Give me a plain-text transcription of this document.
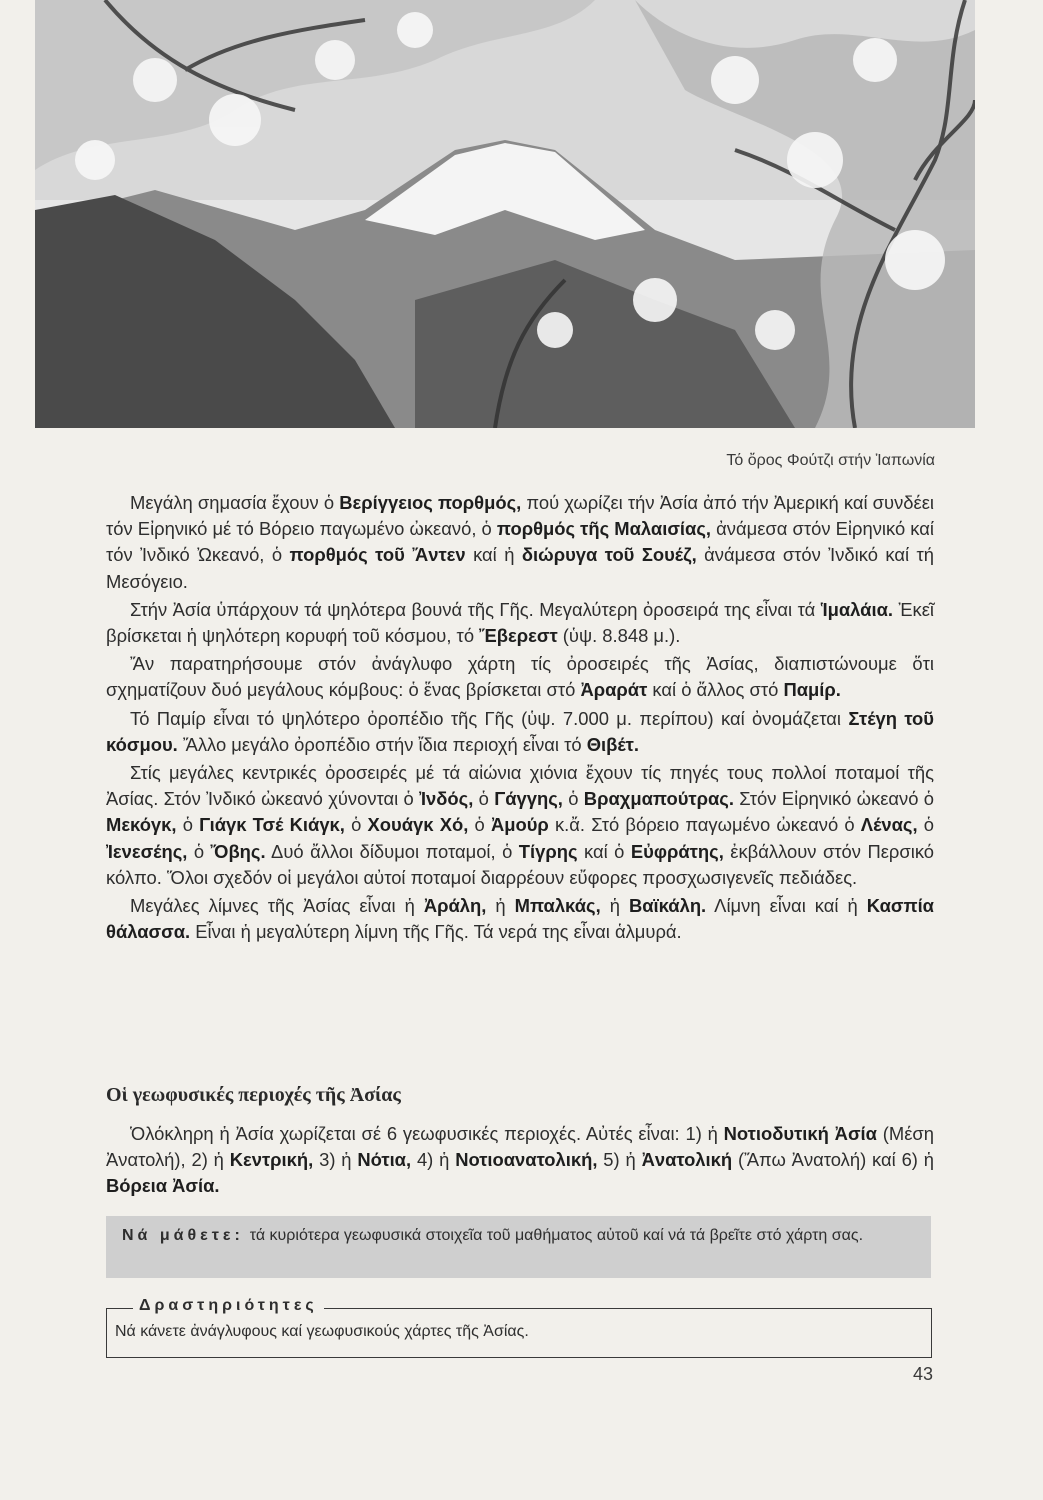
Τό ὄρος Φούτζι στήν Ἰαπωνία

Μεγάλη σημασία ἔχουν ὁ Βερίγγειος πορθμός, πού χωρίζει τήν Ἀσία ἀπό τήν Ἀμερική καί συνδέει τόν Εἰρηνικό μέ τό Βόρειο παγωμένο ὠκεανό, ὁ πορθμός τῆς Μαλαισίας, ἀνάμεσα στόν Εἰρηνικό καί τόν Ἰνδικό Ὠκεανό, ὁ πορθμός τοῦ Ἄντεν καί ἡ διώρυγα τοῦ Σουέζ, ἀνάμεσα στόν Ἰνδικό καί τή Μεσόγειο.

Στήν Ἀσία ὑπάρχουν τά ψηλότερα βουνά τῆς Γῆς. Μεγαλύτερη ὀροσειρά της εἶναι τά Ἱμαλάια. Ἐκεῖ βρίσκεται ἡ ψηλότερη κορυφή τοῦ κόσμου, τό Ἔβερεστ (ὑψ. 8.848 μ.).

Ἄν παρατηρήσουμε στόν ἀνάγλυφο χάρτη τίς ὀροσειρές τῆς Ἀσίας, διαπιστώνουμε ὅτι σχηματίζουν δυό μεγάλους κόμβους: ὁ ἕνας βρίσκεται στό Ἀραράτ καί ὁ ἄλλος στό Παμίρ.

Τό Παμίρ εἶναι τό ψηλότερο ὀροπέδιο τῆς Γῆς (ὑψ. 7.000 μ. περίπου) καί ὀνομάζεται Στέγη τοῦ κόσμου. Ἄλλο μεγάλο ὀροπέδιο στήν ἴδια περιοχή εἶναι τό Θιβέτ.

Στίς μεγάλες κεντρικές ὀροσειρές μέ τά αἰώνια χιόνια ἔχουν τίς πηγές τους πολλοί ποταμοί τῆς Ἀσίας. Στόν Ἰνδικό ὠκεανό χύνονται ὁ Ἰνδός, ὁ Γάγγης, ὁ Βραχμαπούτρας. Στόν Εἰρηνικό ὠκεανό ὁ Μεκόγκ, ὁ Γιάγκ Τσέ Κιάγκ, ὁ Χουάγκ Χό, ὁ Ἀμούρ κ.ἄ. Στό βόρειο παγωμένο ὠκεανό ὁ Λένας, ὁ Ἰενεσέης, ὁ Ὄβης. Δυό ἄλλοι δίδυμοι ποταμοί, ὁ Τίγρης καί ὁ Εὐφράτης, ἐκβάλλουν στόν Περσικό κόλπο. Ὅλοι σχεδόν οἱ μεγάλοι αὐτοί ποταμοί διαρρέουν εὔφορες προσχωσιγενεῖς πεδιάδες.

Μεγάλες λίμνες τῆς Ἀσίας εἶναι ἡ Ἀράλη, ἡ Μπαλκάς, ἡ Βαϊκάλη. Λίμνη εἶναι καί ἡ Κασπία θάλασσα. Εἶναι ἡ μεγαλύτερη λίμνη τῆς Γῆς. Τά νερά της εἶναι ἁλμυρά.

Οἱ γεωφυσικές περιοχές τῆς Ἀσίας
Ὁλόκληρη ἡ Ἀσία χωρίζεται σέ 6 γεωφυσικές περιοχές. Αὐτές εἶναι: 1) ἡ Νοτιοδυτική Ἀσία (Μέση Ἀνατολή), 2) ἡ Κεντρική, 3) ἡ Νότια, 4) ἡ Νοτιοανατολική, 5) ἡ Ἀνατολική (Ἄπω Ἀνατολή) καί 6) ἡ Βόρεια Ἀσία.
Νά μάθετε: τά κυριότερα γεωφυσικά στοιχεῖα τοῦ μαθήματος αὐτοῦ καί νά τά βρεῖτε στό χάρτη σας.
Δραστηριότητες
Νά κάνετε ἀνάγλυφους καί γεωφυσικούς χάρτες τῆς Ἀσίας.
43
